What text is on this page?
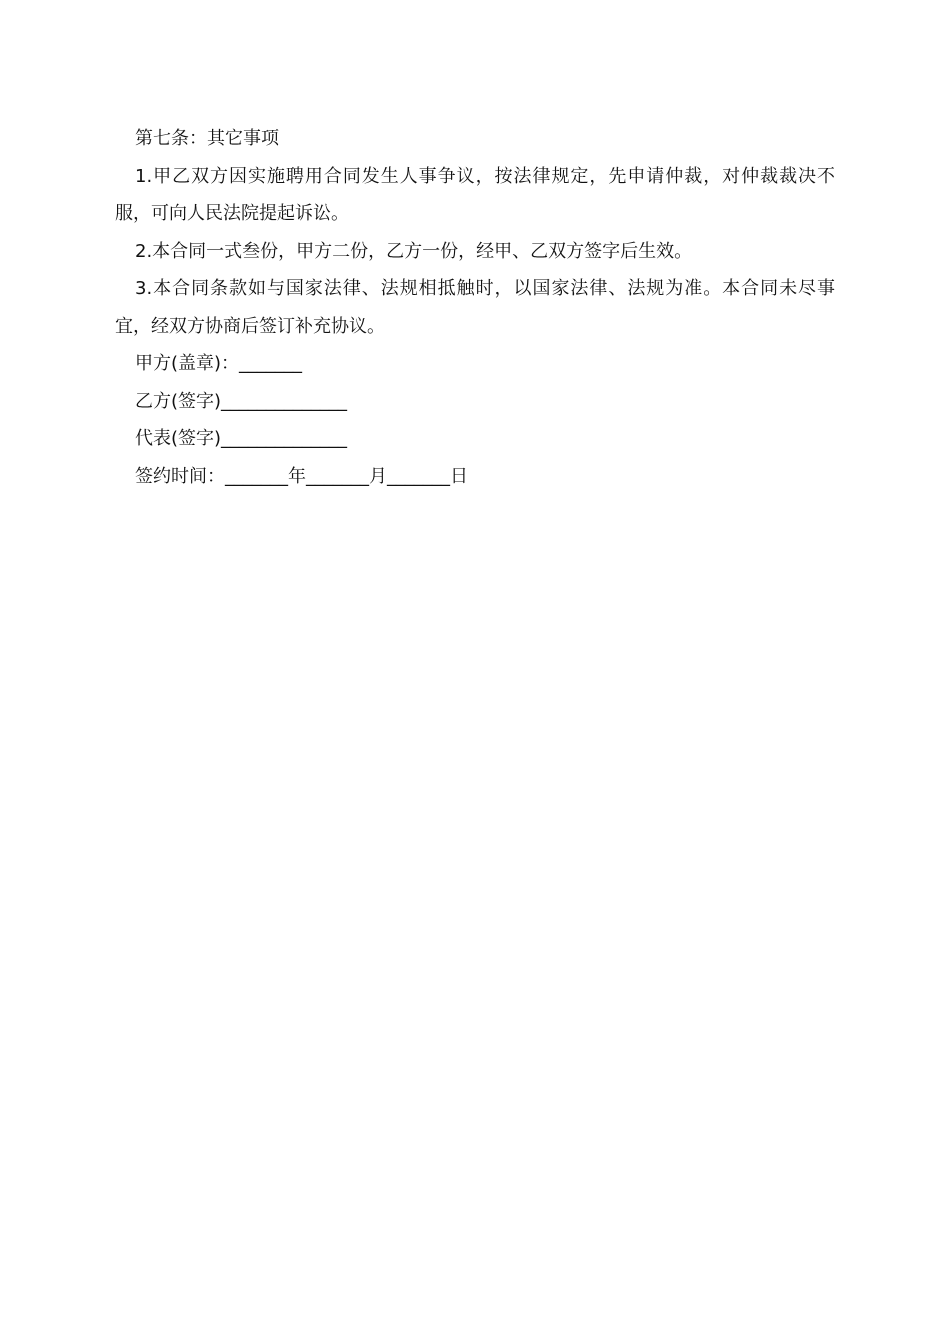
第七条：其它事项

1.甲乙双方因实施聘用合同发生人事争议，按法律规定，先申请仲裁，对仲裁裁决不服，可向人民法院提起诉讼。

2.本合同一式叁份，甲方二份，乙方一份，经甲、乙双方签字后生效。

3.本合同条款如与国家法律、法规相抵触时，以国家法律、法规为准。本合同未尽事宜，经双方协商后签订补充协议。

甲方(盖章)：_______

乙方(签字)______________

代表(签字)______________

签约时间：_______年_______月_______日
